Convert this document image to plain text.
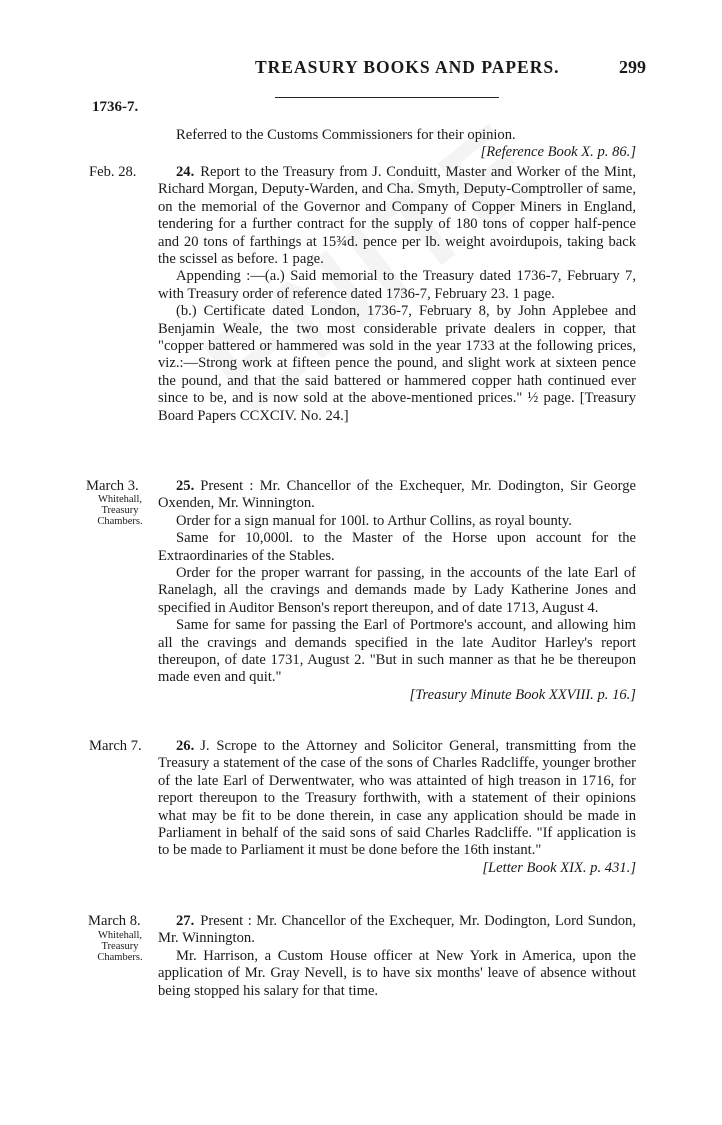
TREASURY BOOKS AND PAPERS.	299
1736-7.

Referred to the Customs Commissioners for their opinion.

[Reference Book X. p. 86.]

Feb. 28.	24. Report to the Treasury from J. Conduitt, Master and Worker of the Mint, Richard Morgan, Deputy-Warden, and Cha. Smyth, Deputy-Comptroller of same, on the memorial of the Governor and Company of Copper Miners in England, tendering for a further contract for the supply of 180 tons of copper half-pence and 20 tons of farthings at 15¾d. pence per lb. weight avoirdupois, taking back the scissel as before. 1 page.

Appending :—(a.) Said memorial to the Treasury dated 1736-7, February 7, with Treasury order of reference dated 1736-7, February 23. 1 page.

(b.) Certificate dated London, 1736-7, February 8, by John Applebee and Benjamin Weale, the two most considerable private dealers in copper, that "copper battered or hammered was sold in the year 1733 at the following prices, viz.:—Strong work at fifteen pence the pound, and slight work at sixteen pence the pound, and that the said battered or hammered copper hath continued ever since to be, and is now sold at the above-mentioned prices." ½ page. [Treasury Board Papers CCXCIV. No. 24.]

March 3.
Whitehall,
Treasury
Chambers.

25. Present : Mr. Chancellor of the Exchequer, Mr. Dodington, Sir George Oxenden, Mr. Winnington.

Order for a sign manual for 100l. to Arthur Collins, as royal bounty.

Same for 10,000l. to the Master of the Horse upon account for the Extraordinaries of the Stables.

Order for the proper warrant for passing, in the accounts of the late Earl of Ranelagh, all the cravings and demands made by Lady Katherine Jones and specified in Auditor Benson's report thereupon, and of date 1713, August 4.

Same for same for passing the Earl of Portmore's account, and allowing him all the cravings and demands specified in the late Auditor Harley's report thereupon, of date 1731, August 2. "But in such manner as that he be thereupon made even and quit."

[Treasury Minute Book XXVIII. p. 16.]

March 7.	26. J. Scrope to the Attorney and Solicitor General, transmitting from the Treasury a statement of the case of the sons of Charles Radcliffe, younger brother of the late Earl of Derwentwater, who was attainted of high treason in 1716, for report thereupon to the Treasury forthwith, with a statement of their opinions what may be fit to be done therein, in case any application should be made in Parliament in behalf of the said sons of said Charles Radcliffe. "If application is to be made to Parliament it must be done before the 16th instant."

[Letter Book XIX. p. 431.]

March 8.
Whitehall,
Treasury
Chambers.

27. Present : Mr. Chancellor of the Exchequer, Mr. Dodington, Lord Sundon, Mr. Winnington.

Mr. Harrison, a Custom House officer at New York in America, upon the application of Mr. Gray Nevell, is to have six months' leave of absence without being stopped his salary for that time.
